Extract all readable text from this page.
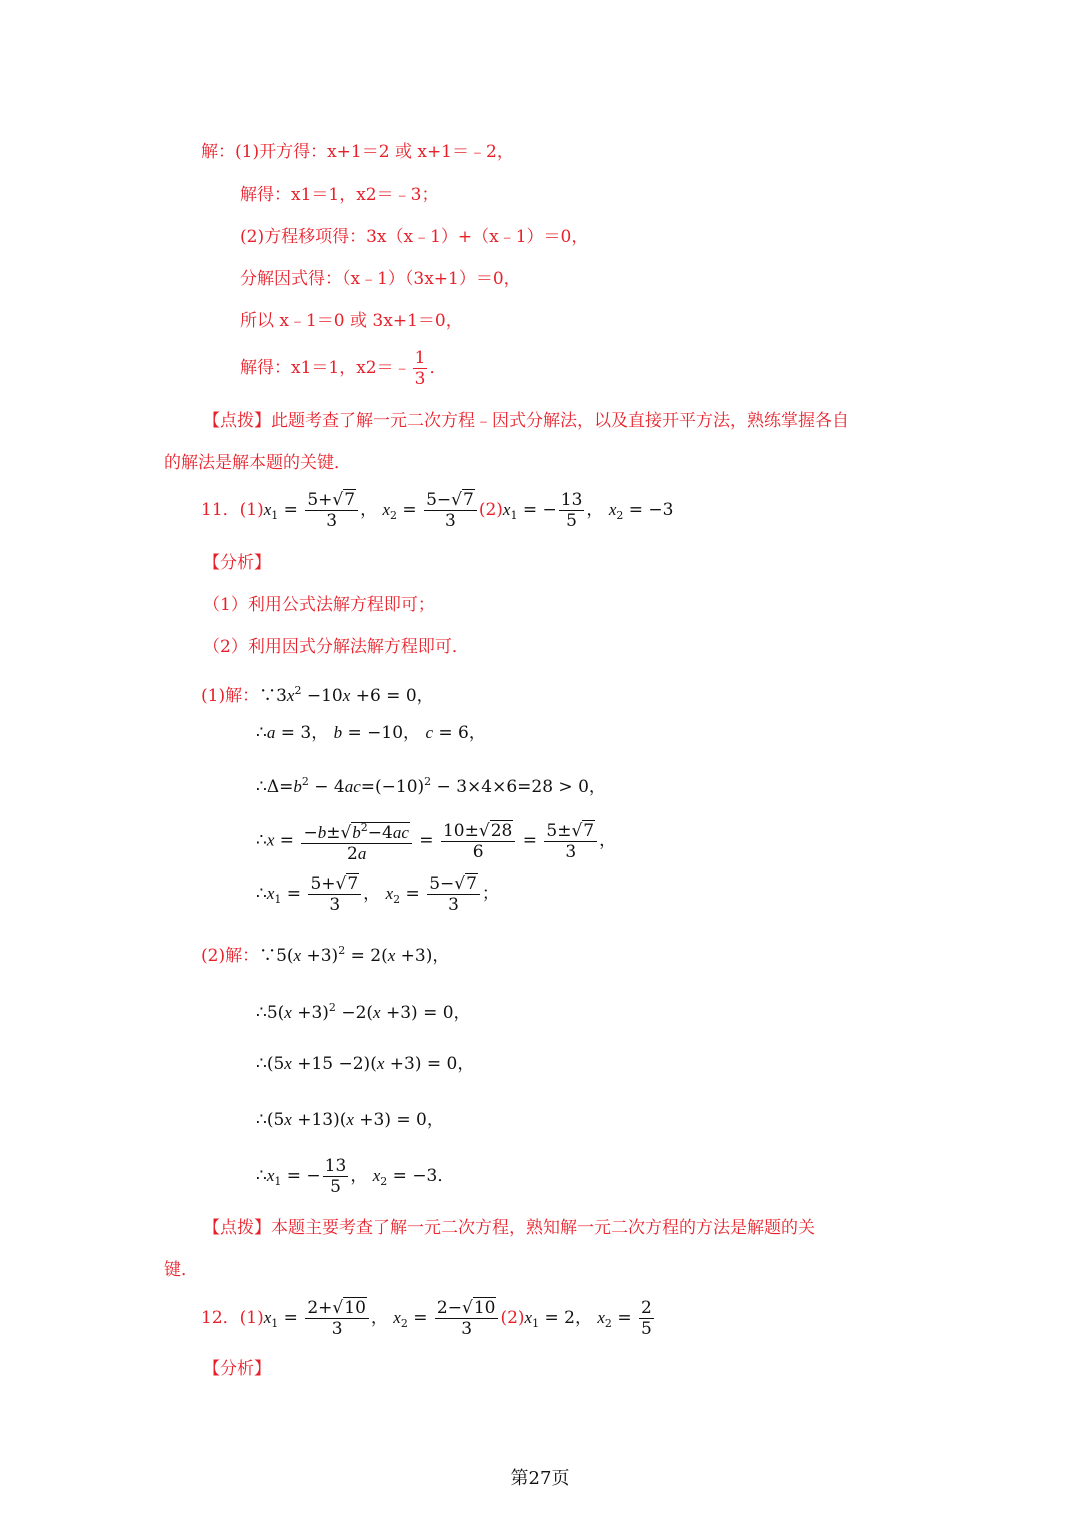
解：(1)开方得：x+1＝2 或 x+1＝﹣2，
解得：x1＝1，x2＝﹣3；
(2)方程移项得：3x（x﹣1）+（x﹣1）＝0，
分解因式得：（x﹣1）（3x+1）＝0，
所以 x﹣1＝0 或 3x+1＝0，
解得：x1＝1，x2＝﹣ $\frac{1}{3}$ ．
【点拨】此题考查了解一元二次方程﹣因式分解法，以及直接开平方法，熟练掌握各自
的解法是解本题的关键．
11．$(1)x_1 = \frac{5+√7}{3}$ ， $x_2 = \frac{5-√7}{3} (2)x_1$ = − $\frac{13}{5}$ ， $x_2 = -3$
【分析】
（1）利用公式法解方程即可；
（2）利用因式分解法解方程即可．
(1)解：$\because 3x^2 -10x +6 = 0$，
∴a = 3， b = −10， c = 6，
$\therefore\Delta=b^2 - 4ac=(-10)^2 - 3\times 4\times 6=28 > 0$，
∴x = $\frac{-b\pm√b^2-4ac}{2a} = \frac{10\pm√28}{6} = \frac{5\pm√7}{3}$ ，
$\therefore x_1 = \frac{5+√7}{3}$ ， $x_2 = \frac{5-√7}{3}$ ；
(2)解：∵5(x +3)$^2$ = 2(x +3)，
∴5(x +3)$^2$ −2(x +3) = 0，
∴(5x +15 −2)(x +3) = 0，
∴(5x +13)(x +3) = 0，
$\therefore x_1$ = − $\frac{13}{5}$ ， $x_2 = -3$．
【点拨】本题主要考查了解一元二次方程，熟知解一元二次方程的方法是解题的关
键．
12．$(1)x_1 = \frac{2+√10}{3}$ ， $x_2 = \frac{2-√10}{3} (2)x_1 = 2$， $x_2 = \frac{2}{5}$
【分析】
第27页
